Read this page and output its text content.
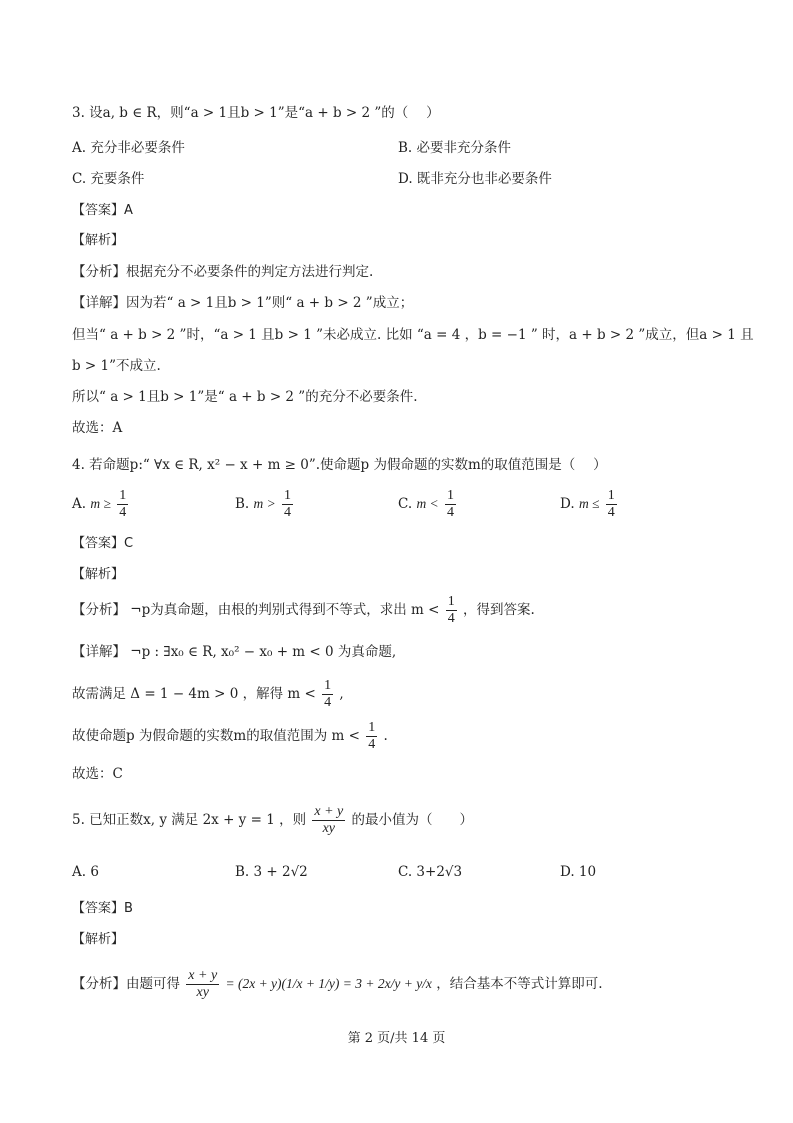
3. 设a, b ∈ R，则“a > 1且b > 1”是“a + b > 2 ”的（　 ）
A. 充分非必要条件	B. 必要非充分条件
C. 充要条件	D. 既非充分也非必要条件
【答案】A
【解析】
【分析】根据充分不必要条件的判定方法进行判定.
【详解】因为若“ a > 1且b > 1”则“ a + b > 2 ”成立；
但当“ a + b > 2 ”时，“a > 1 且b > 1 ”未必成立. 比如 “a = 4 ，b = −1 ” 时，a + b > 2 ”成立，但a > 1 且
b > 1”不成立.
所以“ a > 1且b > 1”是“ a + b > 2 ”的充分不必要条件.
故选：A
4. 若命题p:“ ∀x ∈ R, x² − x + m ≥ 0”.使命题p 为假命题的实数m的取值范围是（　 ）
A. $m \ge \frac{1}{4}$	B. $m > \frac{1}{4}$	C. $m < \frac{1}{4}$	D. $m \le \frac{1}{4}$
【答案】C
【解析】
【分析】 ¬p为真命题，由根的判别式得到不等式，求出 $m < \frac{1}{4}$ ，得到答案.
【详解】 ¬p : ∃x₀ ∈ R, x₀² − x₀ + m < 0 为真命题,
故需满足 Δ = 1 − 4m > 0 ，解得 $m < \frac{1}{4}$ ,
故使命题p 为假命题的实数m的取值范围为 $m < \frac{1}{4}$ .
故选：C
5. 已知正数x, y 满足 2x + y = 1 ，则 $\frac{x + y}{xy}$ 的最小值为（　　）
A. 6	B. 3 + 2√2	C. 3+2√3	D. 10
【答案】B
【解析】
【分析】由题可得 $\frac{x + y}{xy} = (2x + y)(1/x + 1/y) = 3 + 2x/y + y/x$ ，结合基本不等式计算即可.
第 2 页/共 14 页
